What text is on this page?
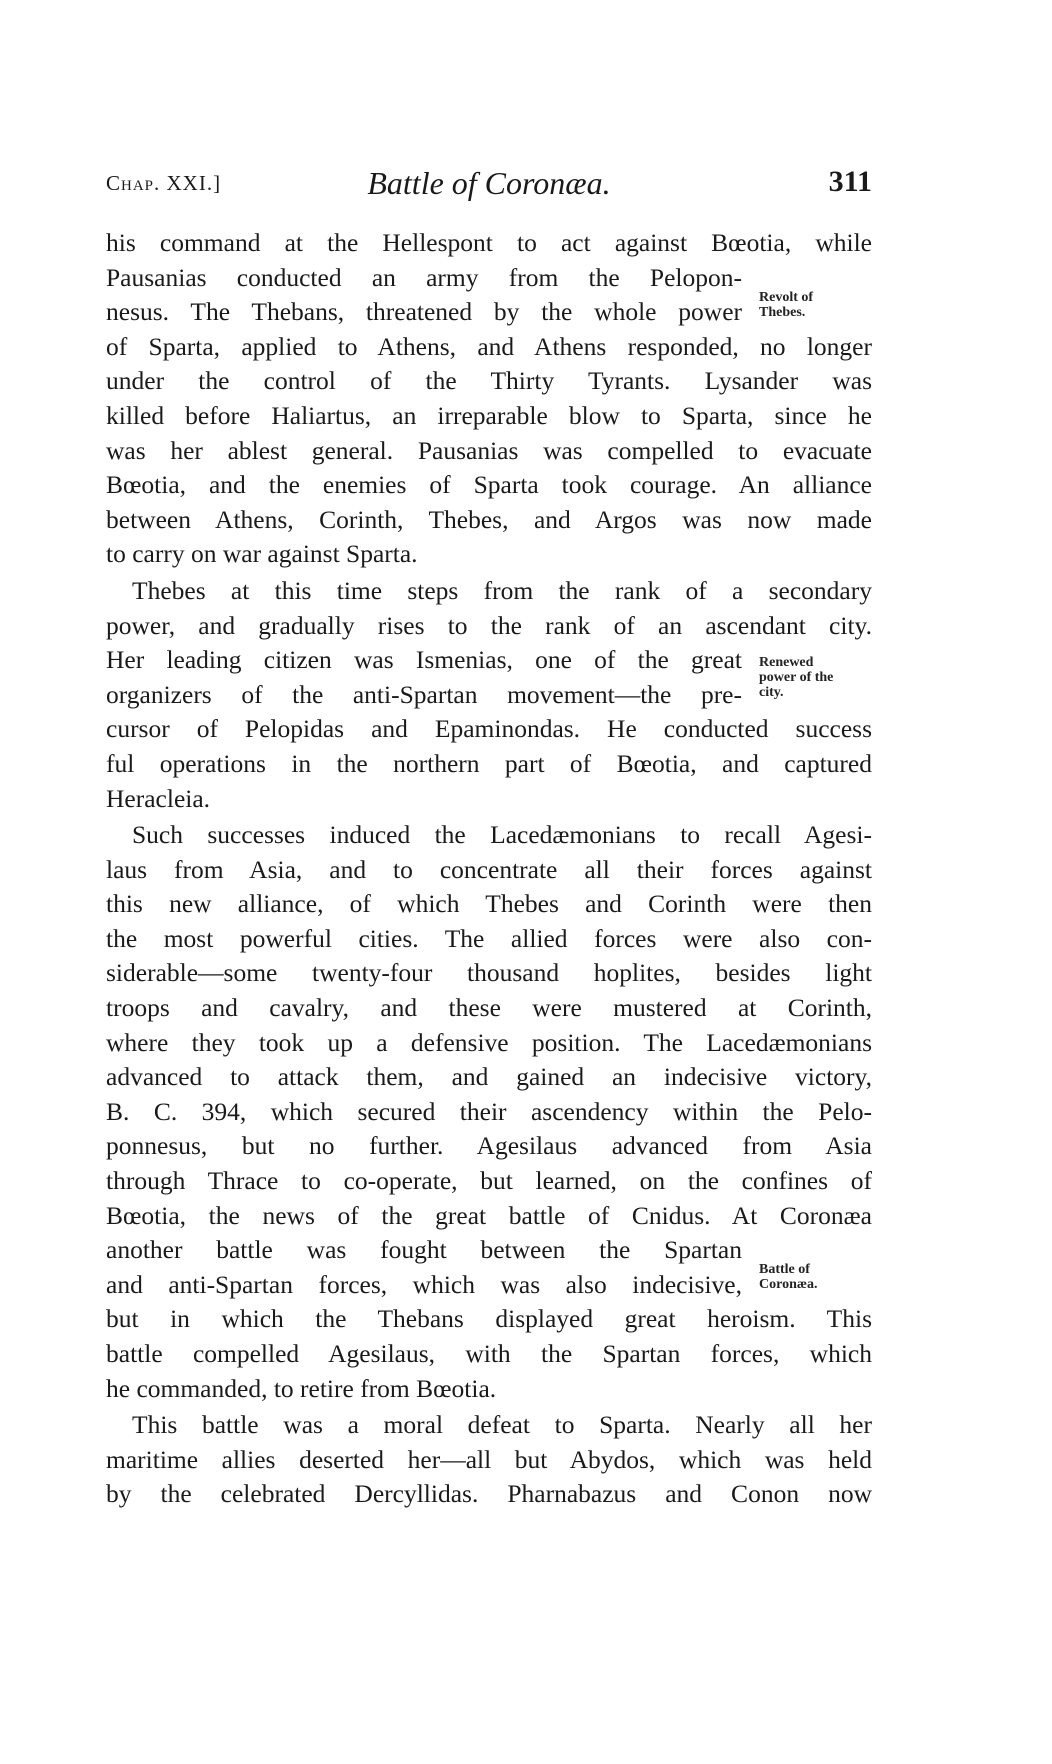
Chap. XXI.]	Battle of Coronæa.	311
his command at the Hellespont to act against Bœotia, while
Pausanias conducted an army from the Pelopon-
nesus. The Thebans, threatened by the whole power
of Sparta, applied to Athens, and Athens responded, no longer
under the control of the Thirty Tyrants. Lysander was
killed before Haliartus, an irreparable blow to Sparta, since he
was her ablest general. Pausanias was compelled to evacuate
Bœotia, and the enemies of Sparta took courage. An alliance
between Athens, Corinth, Thebes, and Argos was now made
to carry on war against Sparta.
Thebes at this time steps from the rank of a secondary
power, and gradually rises to the rank of an ascendant city.
Her leading citizen was Ismenias, one of the great
organizers of the anti-Spartan movement—the pre-
cursor of Pelopidas and Epaminondas. He conducted success
ful operations in the northern part of Bœotia, and captured
Heracleia.
Such successes induced the Lacedæmonians to recall Agesi-
laus from Asia, and to concentrate all their forces against
this new alliance, of which Thebes and Corinth were then
the most powerful cities. The allied forces were also con-
siderable—some twenty-four thousand hoplites, besides light
troops and cavalry, and these were mustered at Corinth,
where they took up a defensive position. The Lacedæmonians
advanced to attack them, and gained an indecisive victory,
B. C. 394, which secured their ascendency within the Pelo-
ponnesus, but no further. Agesilaus advanced from Asia
through Thrace to co-operate, but learned, on the confines of
Bœotia, the news of the great battle of Cnidus. At Coronæa
another battle was fought between the Spartan
and anti-Spartan forces, which was also indecisive,
but in which the Thebans displayed great heroism. This
battle compelled Agesilaus, with the Spartan forces, which
he commanded, to retire from Bœotia.
This battle was a moral defeat to Sparta. Nearly all her
maritime allies deserted her—all but Abydos, which was held
by the celebrated Dercyllidas. Pharnabazus and Conon now
Revolt of
Thebes.
Renewed
power of the
city.
Battle of
Coronæa.
